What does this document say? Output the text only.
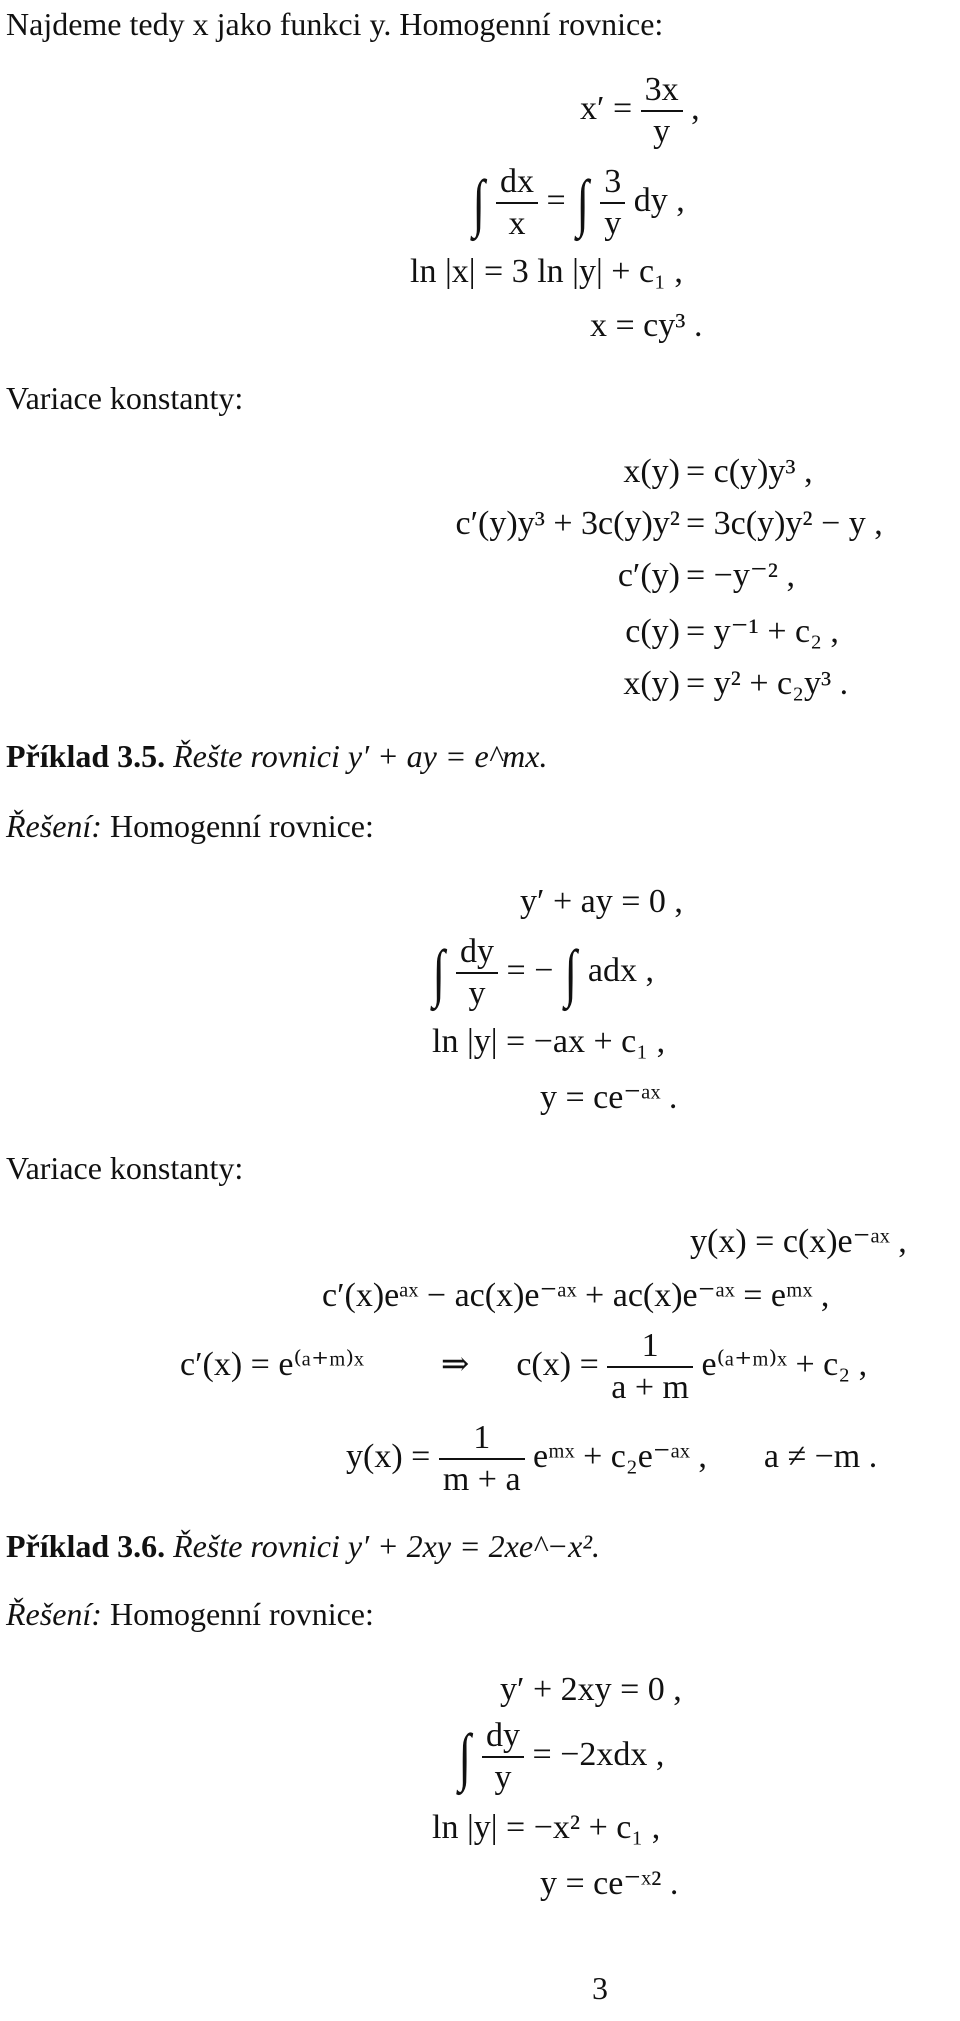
Najdeme tedy x jako funkci y. Homogenní rovnice:
$x' = \frac{3x}{y}$ ,
∫ $\frac{dx}{x}$ = ∫ $\frac{3}{y}$ dy ,
ln |x| = 3 ln |y| + c₁ ,
x = cy³ .
Variace konstanty:
x(y) = c(y)y³ ,
c′(y)y³ + 3c(y)y² = 3c(y)y² − y ,
c′(y) = −y⁻² ,
c(y) = y⁻¹ + c₂ ,
x(y) = y² + c₂y³ .
Příklad 3.5. Řešte rovnici y′ + ay = e^mx.
Řešení: Homogenní rovnice:
y′ + ay = 0 ,
∫ $\frac{dy}{y}$ = − ∫ adx ,
ln |y| = −ax + c₁ ,
y = ce⁻ᵃˣ .
Variace konstanty:
y(x) = c(x)e⁻ᵃˣ ,
c′(x)eᵃˣ − ac(x)e⁻ᵃˣ + ac(x)e⁻ᵃˣ = eᵐˣ ,
c′(x) = e⁽ᵃ⁺ᵐ⁾ˣ ⇒ $c(x) = \frac{1}{a + m}$ e⁽ᵃ⁺ᵐ⁾ˣ + c₂ ,
$y(x) = \frac{1}{m + a}$ eᵐˣ + c₂e⁻ᵃˣ , a ≠ −m .
Příklad 3.6. Řešte rovnici y′ + 2xy = 2xe^−x².
Řešení: Homogenní rovnice:
y′ + 2xy = 0 ,
∫ $\frac{dy}{y} = -2xdx$ ,
ln |y| = −x² + c₁ ,
y = ce⁻ˣ² .
3
